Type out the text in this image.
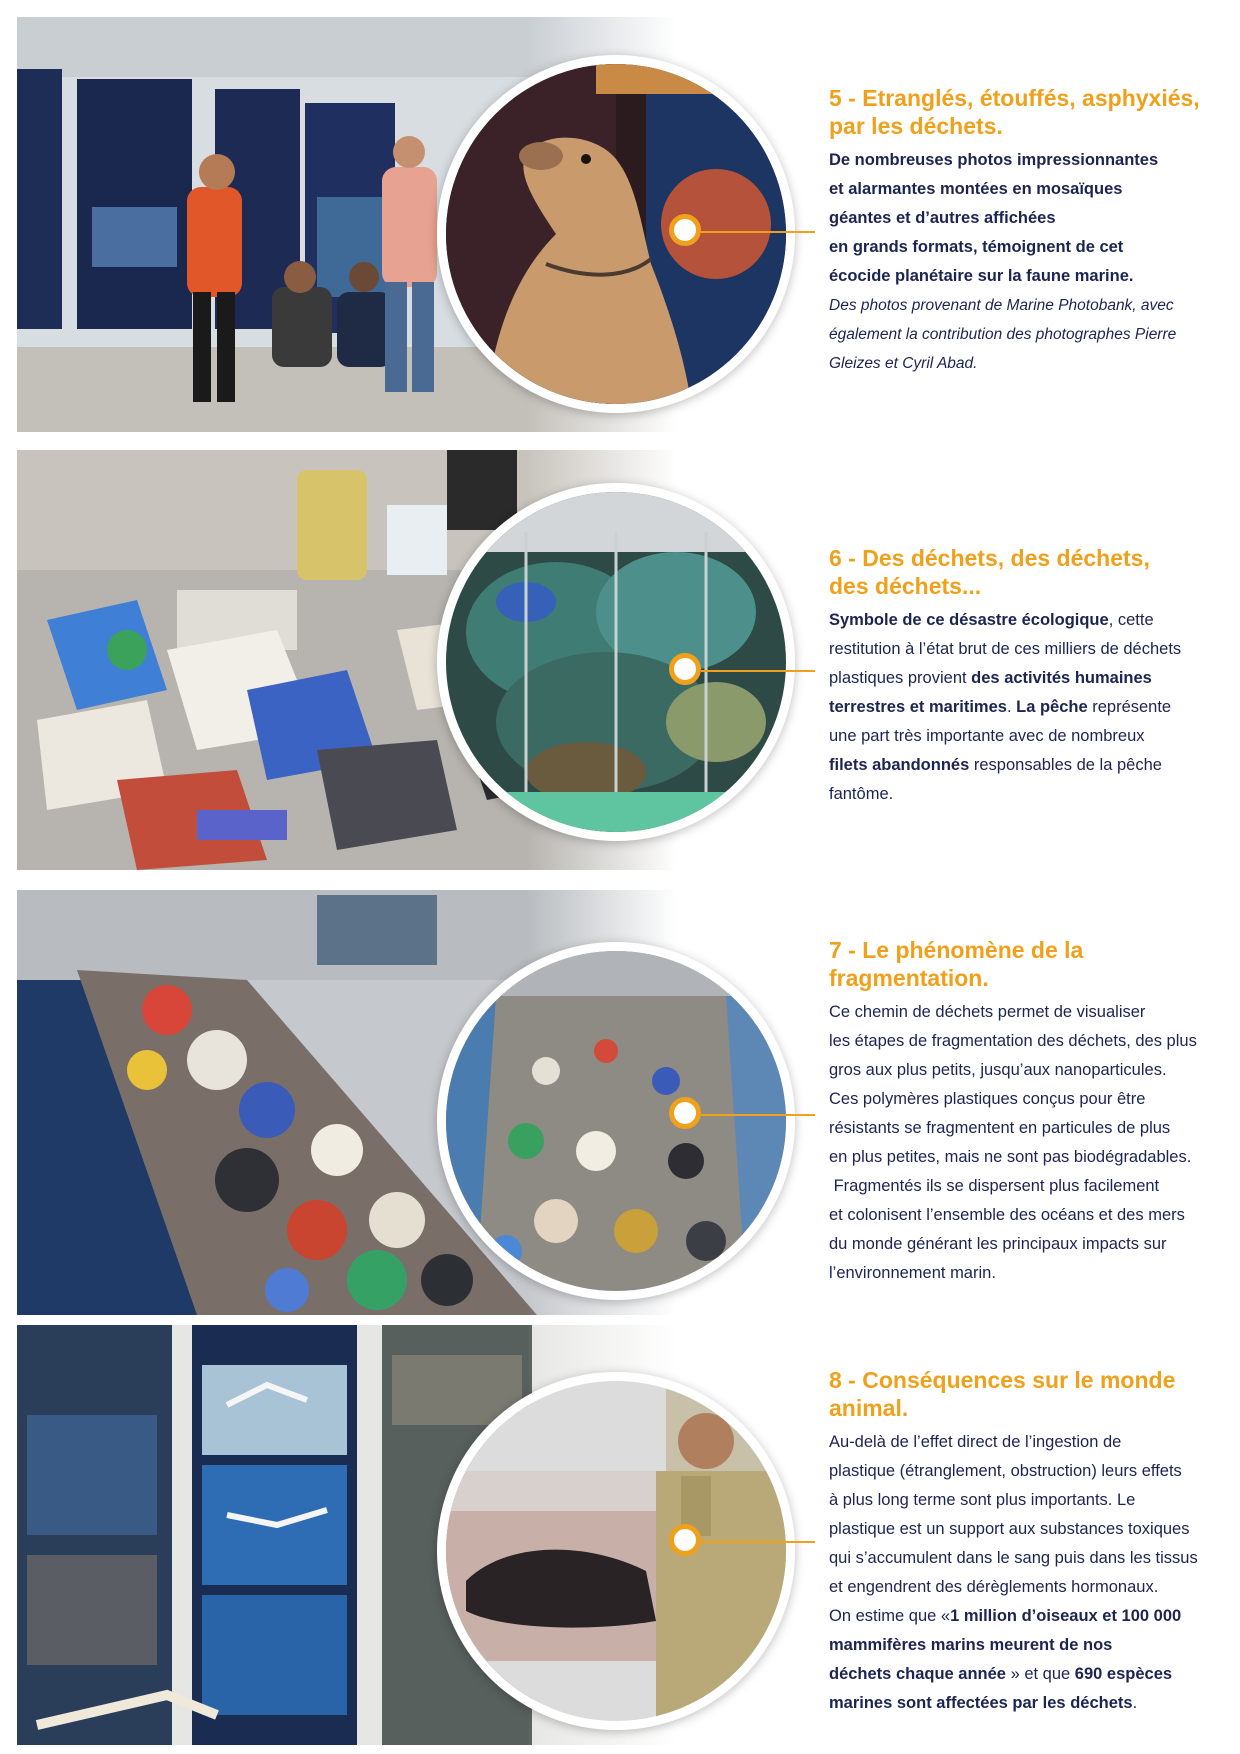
5 - Etranglés, étouffés, asphyxiés,
par les déchets.
De nombreuses photos impressionnantes
et alarmantes montées en mosaïques
géantes et d’autres affichées
en grands formats, témoignent de cet
écocide planétaire sur la faune marine.
Des photos provenant de Marine Photobank, avec
également la contribution des photographes Pierre
Gleizes et Cyril Abad.
6 - Des déchets, des déchets,
des déchets...
Symbole de ce désastre écologique, cette
restitution à l’état brut de ces milliers de déchets
plastiques provient des activités humaines
terrestres et maritimes. La pêche représente
une part très importante avec de nombreux
filets abandonnés responsables de la pêche
fantôme.
7 - Le phénomène de la
fragmentation.
Ce chemin de déchets permet de visualiser
les étapes de fragmentation des déchets, des plus
gros aux plus petits, jusqu’aux nanoparticules.
Ces polymères plastiques conçus pour être
résistants se fragmentent en particules de plus
en plus petites, mais ne sont pas biodégradables.
Fragmentés ils se dispersent plus facilement
et colonisent l’ensemble des océans et des mers
du monde générant les principaux impacts sur
l’environnement marin.
8 - Conséquences sur le monde
animal.
Au-delà de l’effet direct de l’ingestion de
plastique (étranglement, obstruction) leurs effets
à plus long terme sont plus importants. Le
plastique est un support aux substances toxiques
qui s’accumulent dans le sang puis dans les tissus
et engendrent des dérèglements hormonaux.
On estime que «1 million d’oiseaux et 100 000
mammifères marins meurent de nos
déchets chaque année » et que 690 espèces
marines sont affectées par les déchets.
